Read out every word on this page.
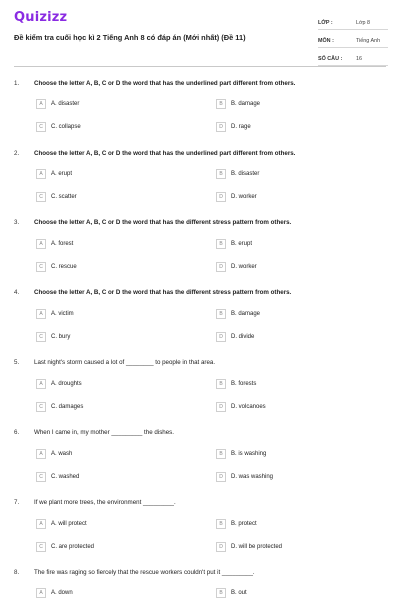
Quizizz
Đề kiểm tra cuối học kì 2 Tiếng Anh 8 có đáp án (Mới nhất) (Đề 11)
LỚP :	Lớp 8
MÔN :	Tiếng Anh
SỐ CÂU :	16
1. Choose the letter A, B, C or D the word that has the underlined part different from others.
A	A. disaster	B	B. damage
C	C. collapse	D	D. rage
2. Choose the letter A, B, C or D the word that has the underlined part different from others.
A	A. erupt	B	B. disaster
C	C. scatter	D	D. worker
3. Choose the letter A, B, C or D the word that has the different stress pattern from others.
A	A. forest	B	B. erupt
C	C. rescue	D	D. worker
4. Choose the letter A, B, C or D the word that has the different stress pattern from others.
A	A. victim	B	B. damage
C	C. bury	D	D. divide
5. Last night's storm caused a lot of ________ to people in that area.
A	A. droughts	B	B. forests
C	C. damages	D	D. volcanoes
6. When I came in, my mother _________ the dishes.
A	A. wash	B	B. is washing
C	C. washed	D	D. was washing
7. If we plant more trees, the environment _________.
A	A. will protect	B	B. protect
C	C. are protected	D	D. will be protected
8. The fire was raging so fiercely that the rescue workers couldn't put it _________.
A	A. down	B	B. out
